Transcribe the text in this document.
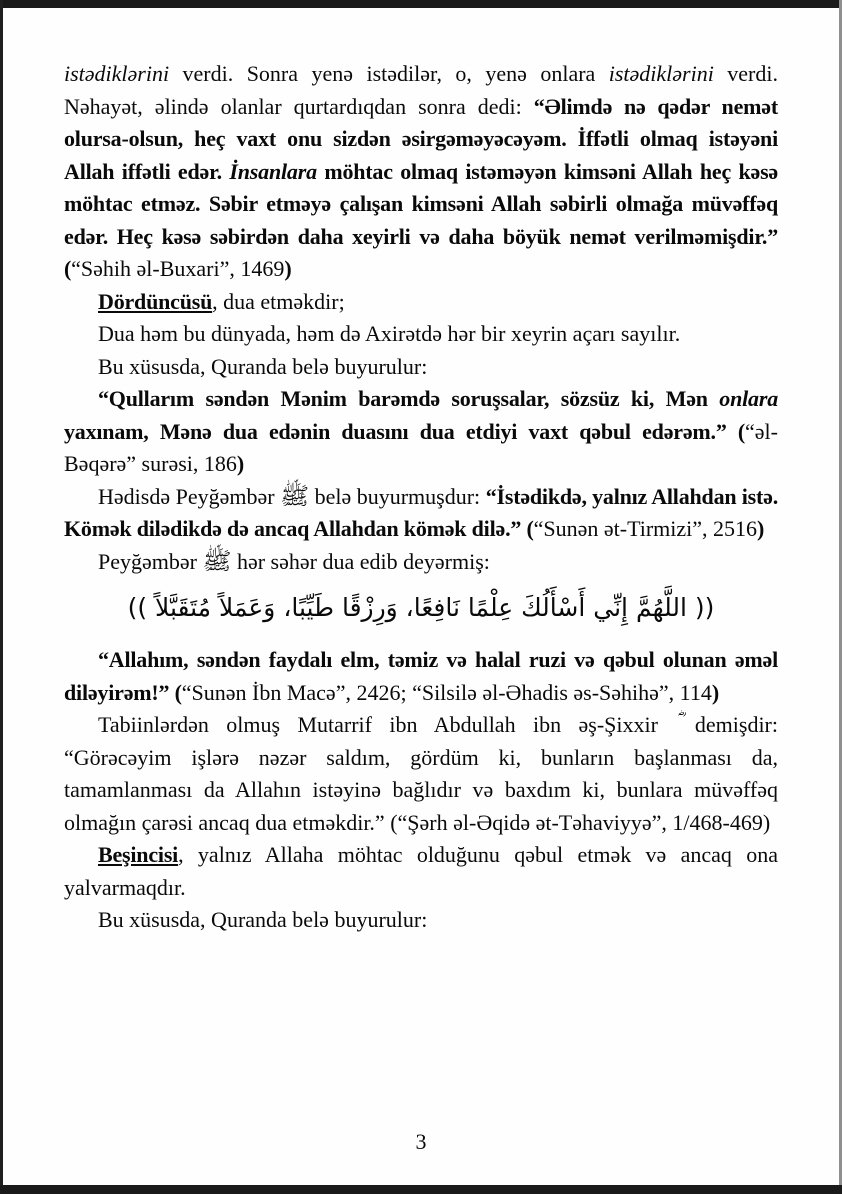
istədiklərini verdi. Sonra yenə istədilər, o, yenə onlara istədiklərini verdi. Nəhayət, əlində olanlar qurtardıqdan sonra dedi: “Əlimdə nə qədər nemət olursa-olsun, heç vaxt onu sizdən əsirgəməyəcəyəm. İffətli olmaq istəyəni Allah iffətli edər. İnsanlara möhtac olmaq istəməyən kimsəni Allah heç kəsə möhtac etməz. Səbir etməyə çalışan kimsəni Allah səbirli olmağa müvəffəq edər. Heç kəsə səbirdən daha xeyirli və daha böyük nemət verilməmişdir.” (“Səhih əl-Buxari”, 1469)

Dördüncüsü, dua etməkdir;

Dua həm bu dünyada, həm də Axirətdə hər bir xeyrin açarı sayılır.

Bu xüsusda, Quranda belə buyurulur:

“Qullarım səndən Mənim barəmdə soruşsalar, sözsüz ki, Mən onlara yaxınam, Mənə dua edənin duasını dua etdiyi vaxt qəbul edərəm.” (“əl-Bəqərə” surəsi, 186)

Hədisdə Peyğəmbər ﷺ belə buyurmuşdur: “İstədikdə, yalnız Allahdan istə. Kömək dilədikdə də ancaq Allahdan kömək dilə.” (“Sunən ət-Tirmizi”, 2516)

Peyğəmbər ﷺ hər səhər dua edib deyərmiş:

(( اللَّهُمَّ إِنِّي أَسْأَلُكَ عِلْمًا نَافِعًا، وَرِزْقًا طَيِّبًا، وَعَمَلاً مُتَقَبَّلاً ))

“Allahım, səndən faydalı elm, təmiz və halal ruzi və qəbul olunan əməl diləyirəm!” (“Sunən İbn Macə”, 2426; “Silsilə əl-Əhadis əs-Səhihə”, 114)

Tabiinlərdən olmuş Mutarrif ibn Abdullah ibn əş-Şixxir ؓ demişdir: “Görəcəyim işlərə nəzər saldım, gördüm ki, bunların başlanması da, tamamlanması da Allahın istəyinə bağlıdır və baxdım ki, bunlara müvəffəq olmağın çarəsi ancaq dua etməkdir.” (“Şərh əl-Əqidə ət-Təhaviyyə”, 1/468-469)

Beşincisi, yalnız Allaha möhtac olduğunu qəbul etmək və ancaq ona yalvarmaqdır.

Bu xüsusda, Quranda belə buyurulur:

3
